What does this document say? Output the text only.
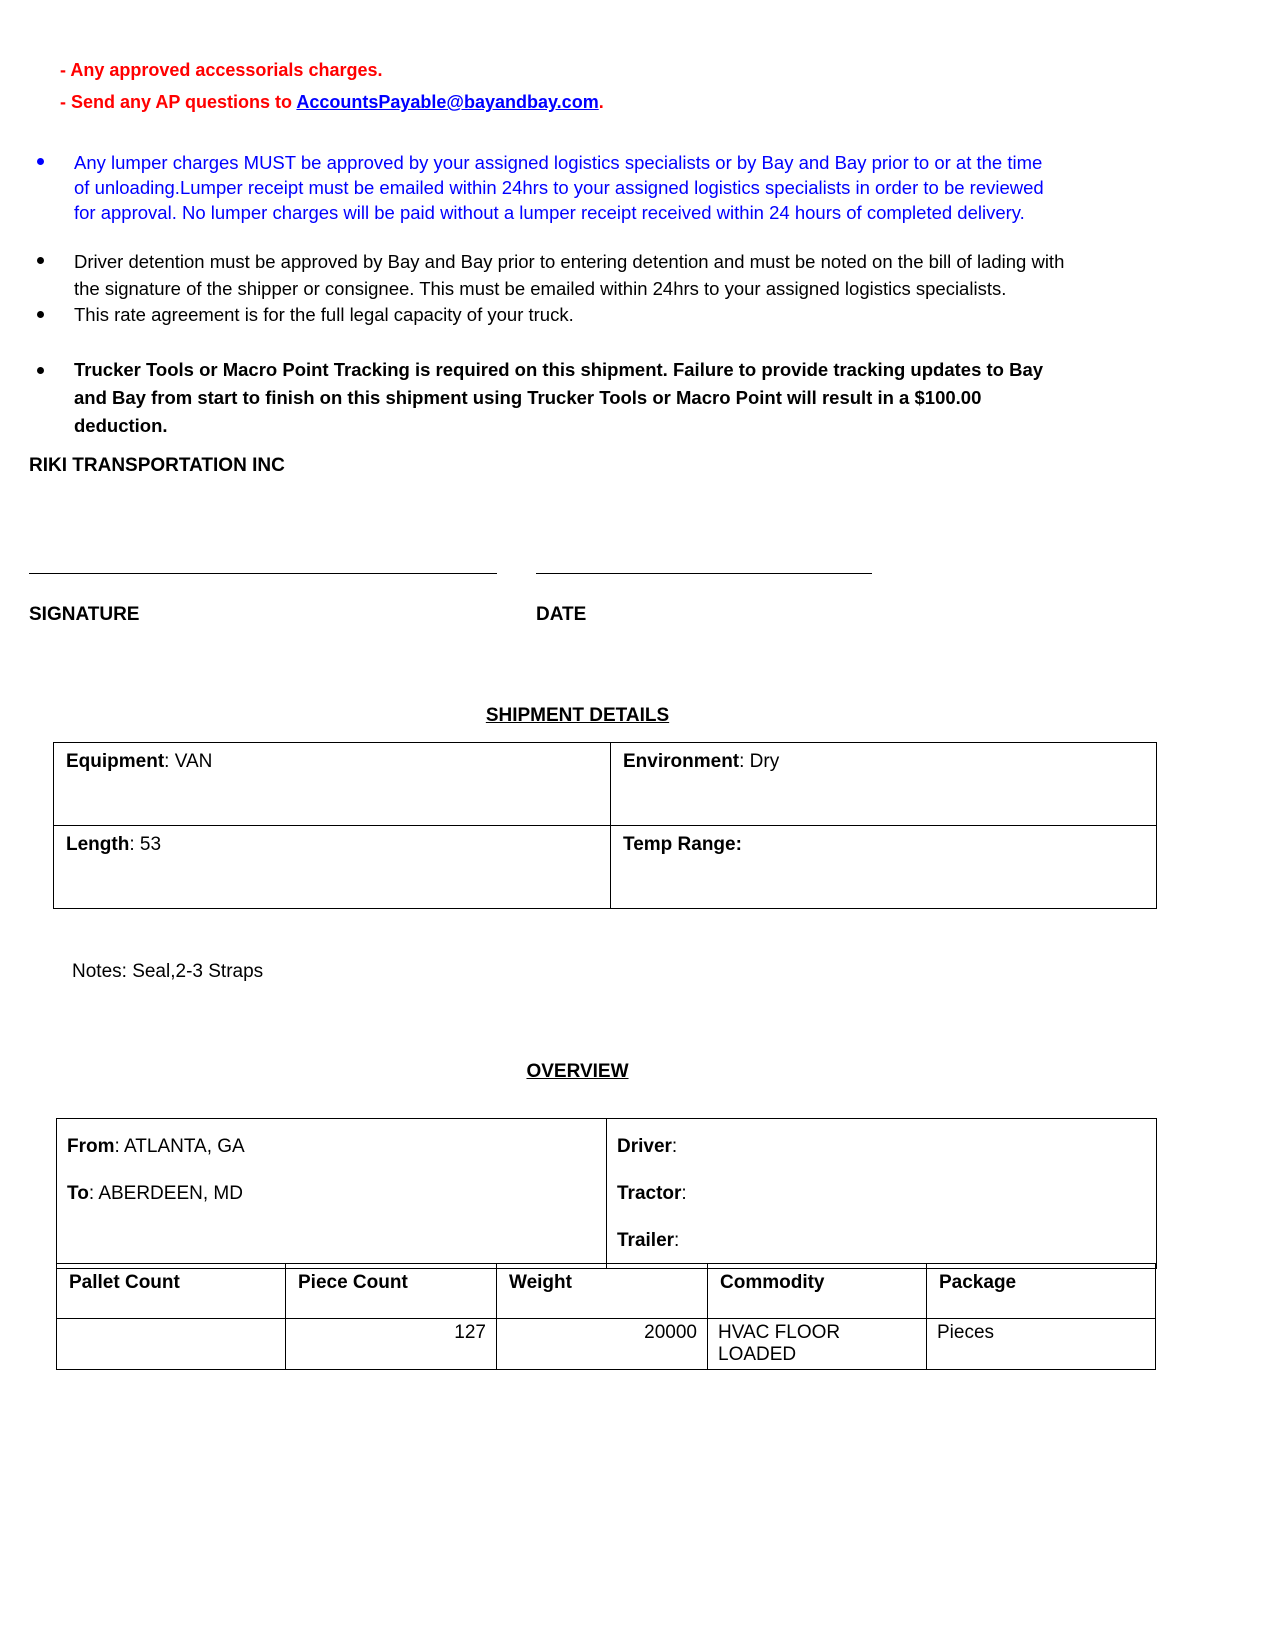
- Any approved accessorials charges.
- Send any AP questions to AccountsPayable@bayandbay.com.
Any lumper charges MUST be approved by your assigned logistics specialists or by Bay and Bay prior to or at the time of unloading.Lumper receipt must be emailed within 24hrs to your assigned logistics specialists in order to be reviewed for approval. No lumper charges will be paid without a lumper receipt received within 24 hours of completed delivery.
Driver detention must be approved by Bay and Bay prior to entering detention and must be noted on the bill of lading with the signature of the shipper or consignee. This must be emailed within 24hrs to your assigned logistics specialists.
This rate agreement is for the full legal capacity of your truck.
Trucker Tools or Macro Point Tracking is required on this shipment. Failure to provide tracking updates to Bay and Bay from start to finish on this shipment using Trucker Tools or Macro Point will result in a $100.00 deduction.
RIKI TRANSPORTATION INC
SIGNATURE	DATE
SHIPMENT DETAILS
Equipment: VAN	Environment: Dry

Length: 53	Temp Range:
Notes: Seal,2-3 Straps
OVERVIEW
From: ATLANTA, GA
To: ABERDEEN, MD

Driver:
Tractor:
Trailer:
Pallet Count	Piece Count	Weight	Commodity	Package

	127	20000	HVAC FLOOR LOADED	Pieces
